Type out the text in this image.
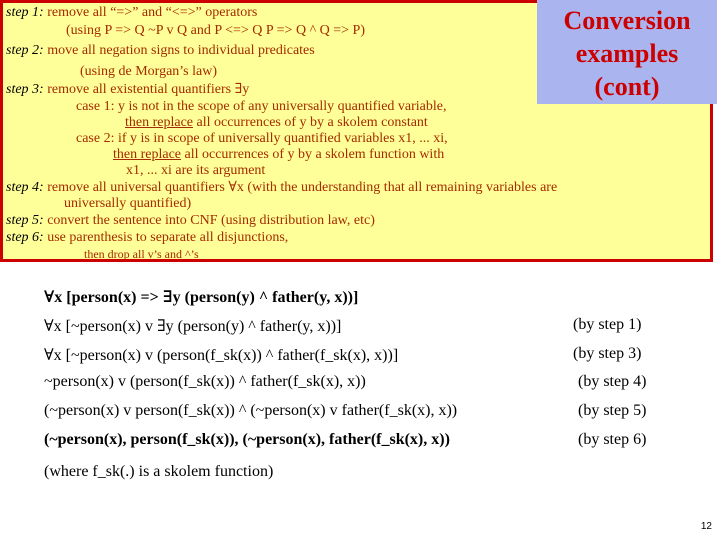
step 1: remove all “=>” and “<=>” operators
(using P => Q ~P v Q and P <=> Q P => Q ^ Q => P)
step 2: move all negation signs to individual predicates
(using de Morgan’s law)
step 3: remove all existential quantifiers ∃y
case 1: y is not in the scope of any universally quantified variable,
then replace all occurrences of y by a skolem constant
case 2: if y is in scope of universally quantified variables x1, ... xi,
then replace all occurrences of y by a skolem function with
x1, ... xi are its argument
step 4: remove all universal quantifiers ∀x (with the understanding that all remaining variables are
universally quantified)
step 5: convert the sentence into CNF (using distribution law, etc)
step 6: use parenthesis to separate all disjunctions,
then drop all v’s and ^’s
Conversion
examples
(cont)
∀x [person(x) => ∃y (person(y) ^ father(y, x))]
∀x [~person(x) v ∃y (person(y) ^ father(y, x))]	(by step 1)
∀x [~person(x) v (person(f_sk(x)) ^ father(f_sk(x), x))]	(by step 3)
~person(x) v (person(f_sk(x)) ^ father(f_sk(x), x))	(by step 4)
(~person(x) v person(f_sk(x)) ^ (~person(x) v father(f_sk(x), x))	(by step 5)
(~person(x), person(f_sk(x)), (~person(x), father(f_sk(x), x))	(by step 6)
(where f_sk(.) is a skolem function)
12
